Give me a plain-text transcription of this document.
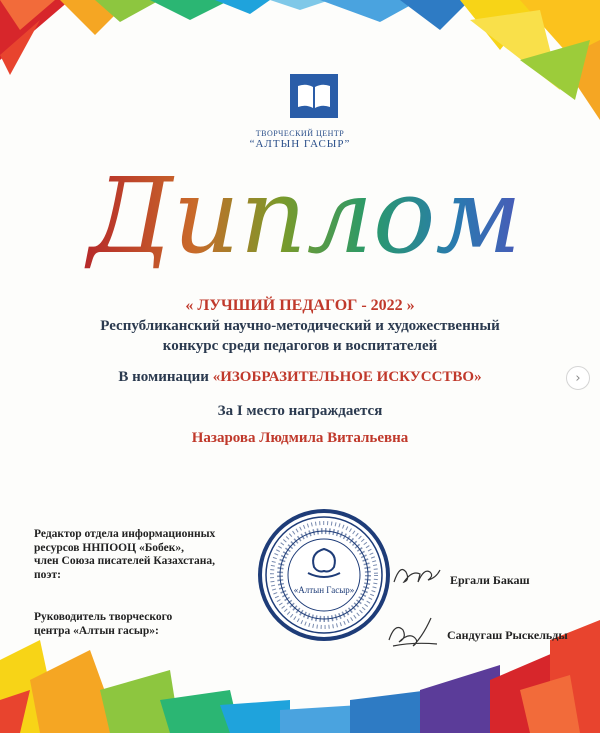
ТВОРЧЕСКИЙ ЦЕНТР
“АЛТЫН ГАСЫР”
Диплом
« ЛУЧШИЙ ПЕДАГОГ - 2022 »
Республиканский научно-методический и художественный
конкурс среди педагогов и воспитателей
В номинации «ИЗОБРАЗИТЕЛЬНОЕ ИСКУССТВО»
За I место награждается
Назарова Людмила Витальевна
Редактор отдела информационных
ресурсов ННПООЦ «Бобек»,
член Союза писателей Казахстана,
поэт:
Руководитель творческого
центра «Алтын гасыр»:
«Алтын Гасыр»
Ергали Бакаш
Сандугаш Рыскельды
›
